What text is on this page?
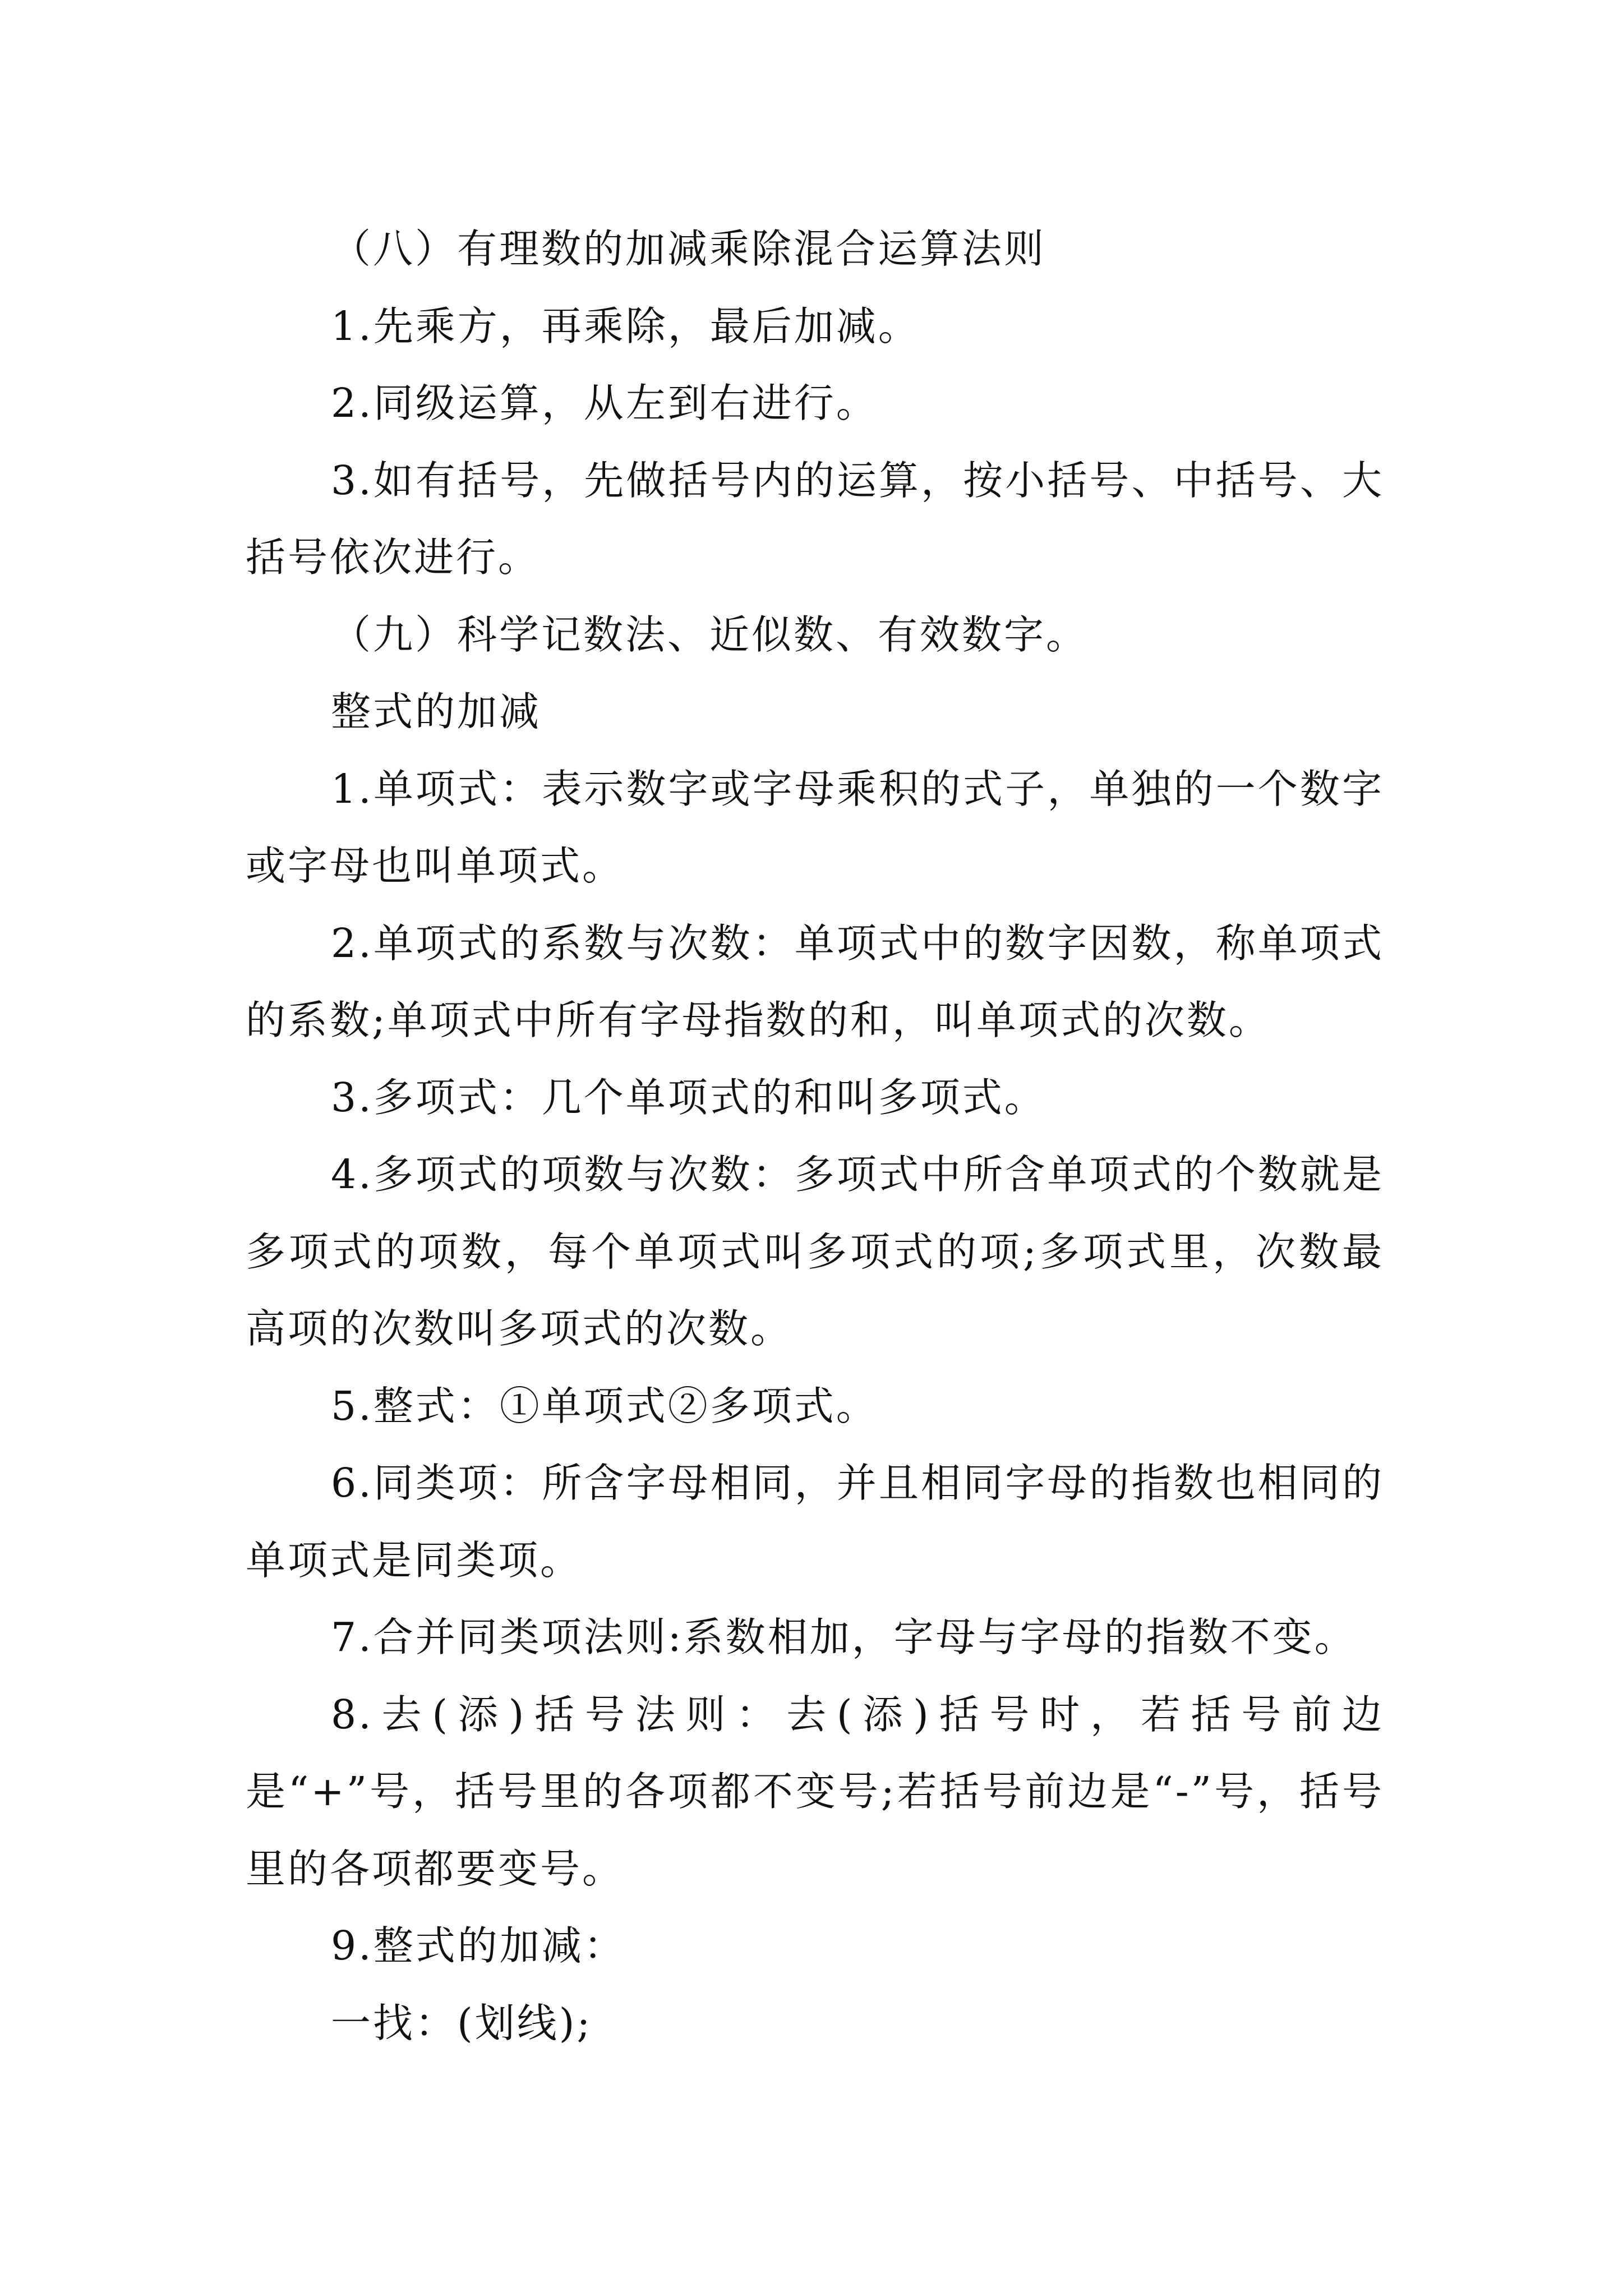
（八）有理数的加减乘除混合运算法则

1.先乘方，再乘除，最后加减。

2.同级运算，从左到右进行。

3.如有括号，先做括号内的运算，按小括号、中括号、大括号依次进行。

（九）科学记数法、近似数、有效数字。

整式的加减

1.单项式：表示数字或字母乘积的式子，单独的一个数字或字母也叫单项式。

2.单项式的系数与次数：单项式中的数字因数，称单项式的系数;单项式中所有字母指数的和，叫单项式的次数。

3.多项式：几个单项式的和叫多项式。

4.多项式的项数与次数：多项式中所含单项式的个数就是多项式的项数，每个单项式叫多项式的项;多项式里，次数最高项的次数叫多项式的次数。

5.整式：①单项式②多项式。

6.同类项：所含字母相同，并且相同字母的指数也相同的单项式是同类项。

7.合并同类项法则:系数相加，字母与字母的指数不变。

8.去(添)括号法则：去(添)括号时，若括号前边是“+”号，括号里的各项都不变号;若括号前边是“-”号，括号里的各项都要变号。

9.整式的加减：

一找：(划线);
